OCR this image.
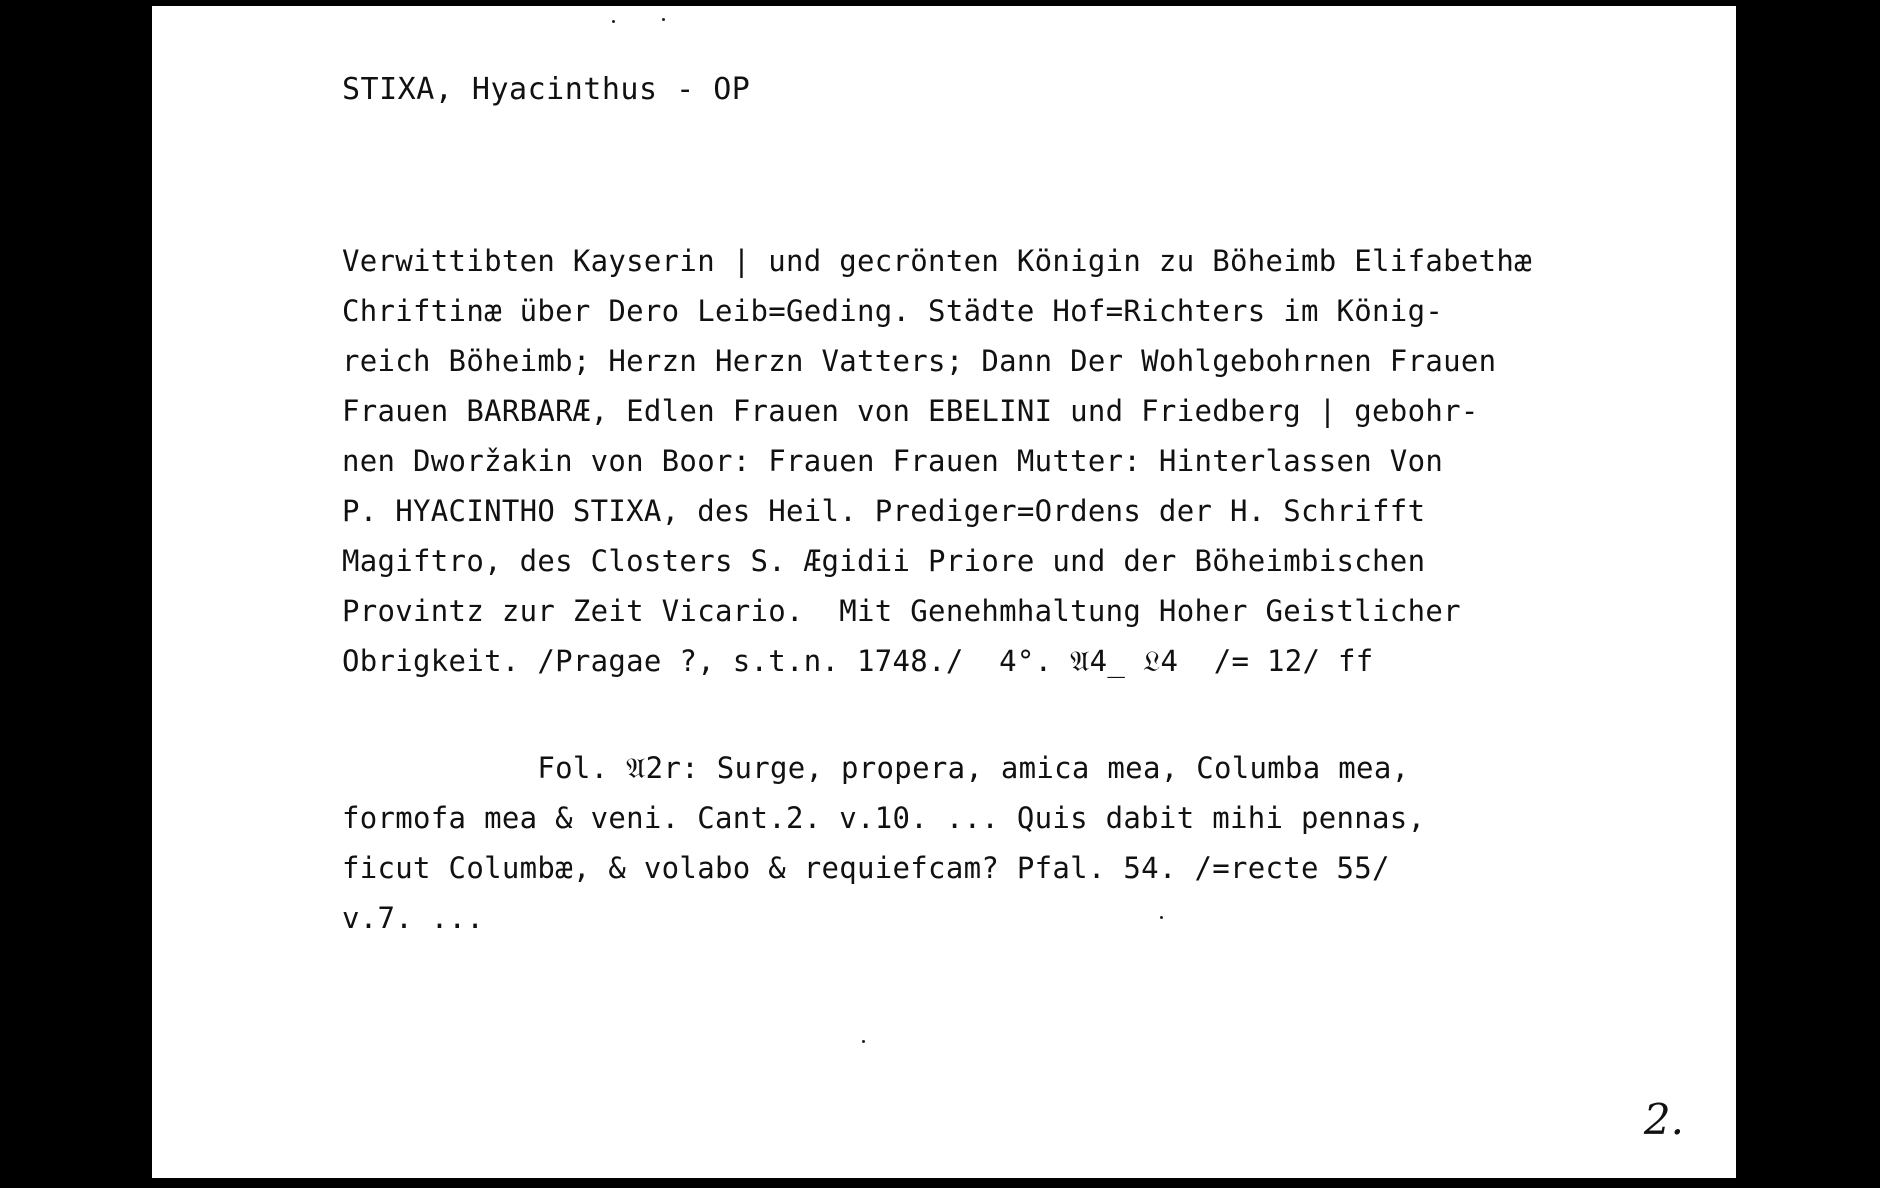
STIXA, Hyacinthus - OP
Verwittibten Kayserin | und gecrönten Königin zu Böheimb Elifabethæ
Chriftinæ über Dero Leib=Geding. Städte Hof=Richters im König-
reich Böheimb; Herzn Herzn Vatters; Dann Der Wohlgebohrnen Frauen
Frauen BARBARÆ, Edlen Frauen von EBELINI und Friedberg | gebohr-
nen Dworžakin von Boor: Frauen Frauen Mutter: Hinterlassen Von
P. HYACINTHO STIXA, des Heil. Prediger=Ordens der H. Schrifft
Magiftro, des Closters S. Ægidii Priore und der Böheimbischen
Provintz zur Zeit Vicario.  Mit Genehmhaltung Hoher Geistlicher
Obrigkeit. /Pragae ?, s.t.n. 1748./  4°. 𝔄4_ 𝔏4  /= 12/ ff
Fol. 𝔄2r: Surge, propera, amica mea, Columba mea,
formofa mea & veni. Cant.2. v.10. ... Quis dabit mihi pennas,
ficut Columbæ, & volabo & requiefcam? Pfal. 54. /=recte 55/
v.7. ...
2.
